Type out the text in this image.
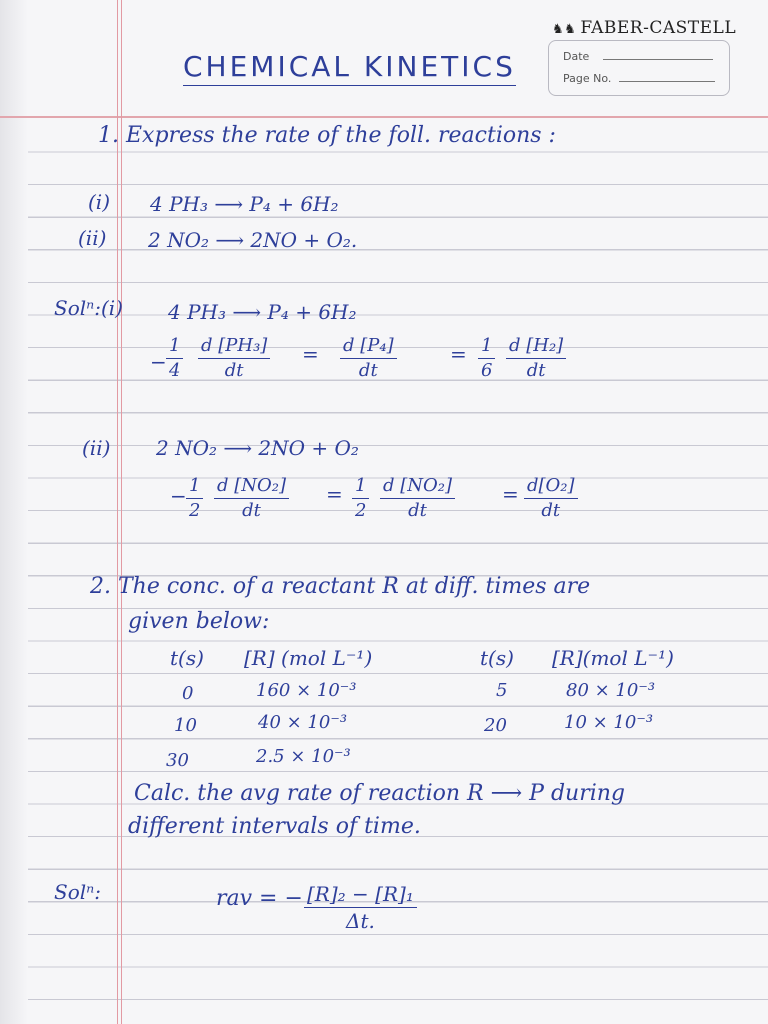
♞♞ FABER-CASTELL
Date
Page No.
CHEMICAL KINETICS
1. Express the rate of the foll. reactions :
(i) 4 PH₃ ⟶ P₄ + 6H₂
(ii) 2 NO₂ ⟶ 2NO + O₂.
Solⁿ:(i) 4 PH₃ ⟶ P₄ + 6H₂
− $\frac{1}{4} \frac{\text{d [PH₃]}}{dt} = \frac{\text{d [P₄]}}{dt}$	= $\frac{1}{6} \frac{\text{d [H₂]}}{dt}$
(ii) 2 NO₂ ⟶ 2NO + O₂
− $\frac{1}{2} \frac{\text{d [NO₂]}}{dt} = \frac{1}{2} \frac{\text{d [NO₂]}}{dt} = \frac{\text{d[O₂]}}{dt}$
2. The conc. of a reactant R at diff. times are
given below:
t(s) [R] (mol L⁻¹)	t(s) [R](mol L⁻¹)
0	160 × 10⁻³	5	80 × 10⁻³
10	40 × 10⁻³	20	10 × 10⁻³
30	2.5 × 10⁻³
Calc. the avg rate of reaction R ⟶ P during
different intervals of time.
Solⁿ:	rav = − $\frac{\text{[R]₂ − [R]₁}}{\Delta t.}$
